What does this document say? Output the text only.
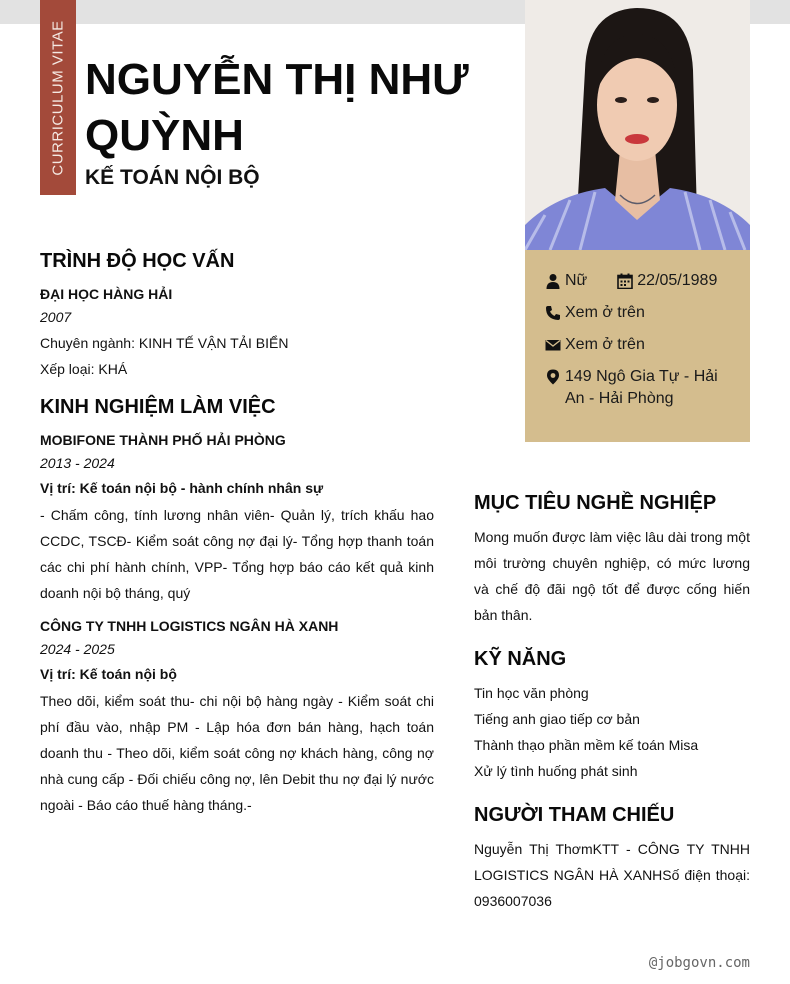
CURRICULUM VITAE NGUYỄN THỊ NHƯ QUỲNH
KẾ TOÁN NỘI BỘ
Nữ	22/05/1989
Xem ở trên
Xem ở trên
149 Ngô Gia Tự - Hải An - Hải Phòng
TRÌNH ĐỘ HỌC VẤN
ĐẠI HỌC HÀNG HẢI
2007
Chuyên ngành: KINH TẾ VẬN TẢI BIỂN
Xếp loại: KHÁ
KINH NGHIỆM LÀM VIỆC
MOBIFONE THÀNH PHỐ HẢI PHÒNG
2013 - 2024
Vị trí: Kế toán nội bộ - hành chính nhân sự
- Chấm công, tính lương nhân viên- Quản lý, trích khấu hao CCDC, TSCĐ- Kiểm soát công nợ đại lý- Tổng hợp thanh toán các chi phí hành chính, VPP- Tổng hợp báo cáo kết quả kinh doanh nội bộ tháng, quý
CÔNG TY TNHH LOGISTICS NGÂN HÀ XANH
2024 - 2025
Vị trí: Kế toán nội bộ
Theo dõi, kiểm soát thu- chi nội bộ hàng ngày - Kiểm soát chi phí đầu vào, nhập PM - Lập hóa đơn bán hàng, hạch toán doanh thu - Theo dõi, kiểm soát công nợ khách hàng, công nợ nhà cung cấp - Đối chiếu công nợ, lên Debit thu nợ đại lý nước ngoài - Báo cáo thuế hàng tháng.-
MỤC TIÊU NGHỀ NGHIỆP
Mong muốn được làm việc lâu dài trong một môi trường chuyên nghiệp, có mức lương và chế độ đãi ngộ tốt để được cống hiến bản thân.
KỸ NĂNG
Tin học văn phòng
Tiếng anh giao tiếp cơ bản
Thành thạo phần mềm kế toán Misa
Xử lý tình huống phát sinh
NGƯỜI THAM CHIẾU
Nguyễn Thị ThơmKTT - CÔNG TY TNHH LOGISTICS NGÂN HÀ XANHSố điện thoại: 0936007036
@jobgovn.com
